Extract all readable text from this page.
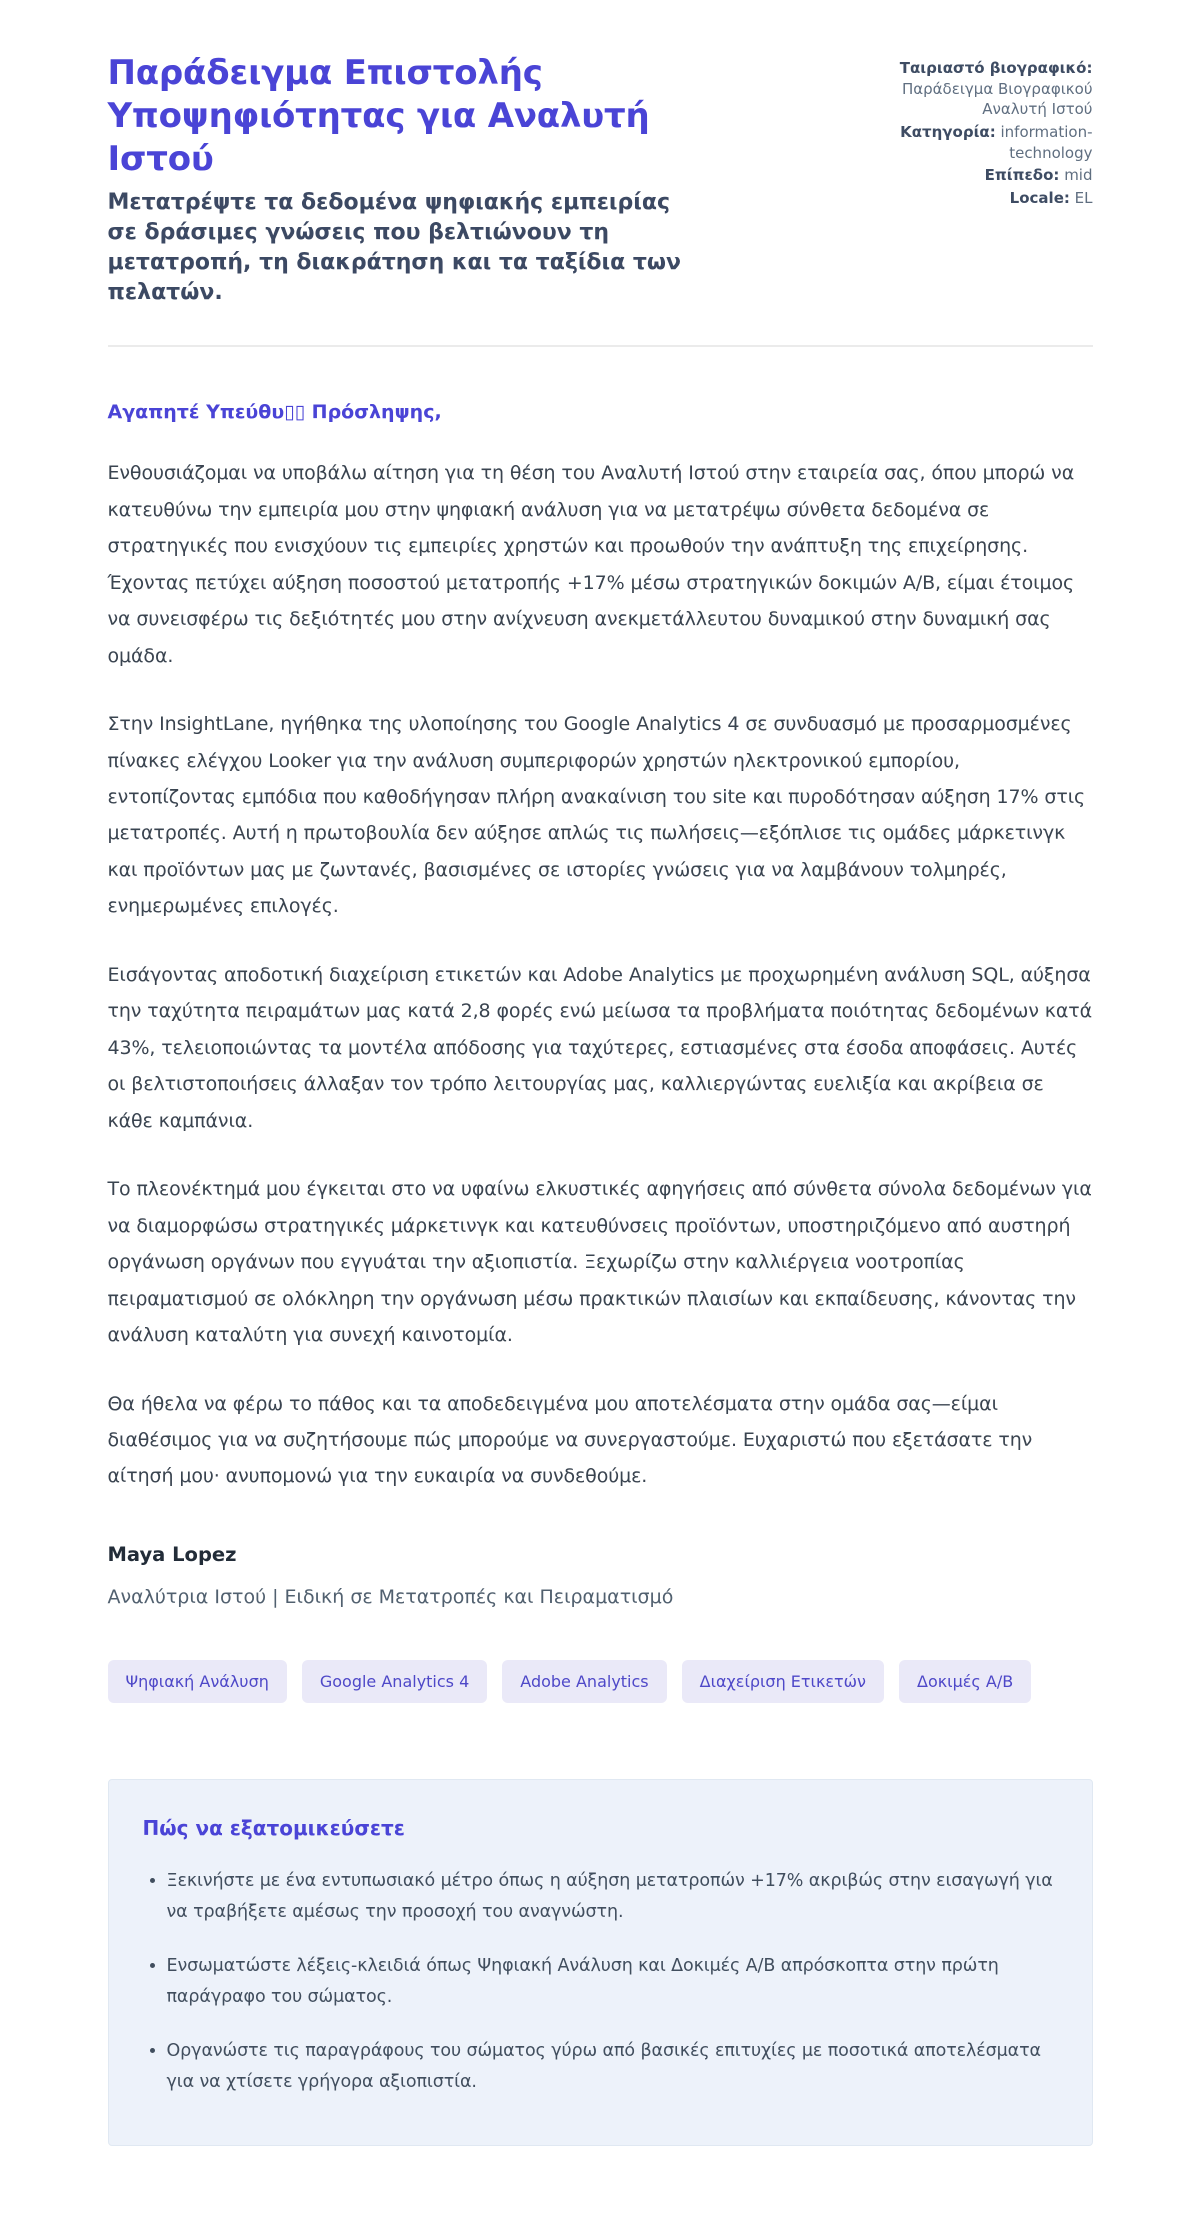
Παράδειγμα Επιστολής Υποψηφιότητας για Αναλυτή Ιστού

Μετατρέψτε τα δεδομένα ψηφιακής εμπειρίας σε δράσιμες γνώσεις που βελτιώνουν τη μετατροπή, τη διακράτηση και τα ταξίδια των πελατών.

Ταιριαστό βιογραφικό: Παράδειγμα Βιογραφικού Αναλυτή Ιστού
Κατηγορία: information-technology
Επίπεδο: mid
Locale: EL

Αγαπητέ Υπεύθυ▯▯ Πρόσληψης,

Ενθουσιάζομαι να υποβάλω αίτηση για τη θέση του Αναλυτή Ιστού στην εταιρεία σας, όπου μπορώ να κατευθύνω την εμπειρία μου στην ψηφιακή ανάλυση για να μετατρέψω σύνθετα δεδομένα σε στρατηγικές που ενισχύουν τις εμπειρίες χρηστών και προωθούν την ανάπτυξη της επιχείρησης. Έχοντας πετύχει αύξηση ποσοστού μετατροπής +17% μέσω στρατηγικών δοκιμών A/B, είμαι έτοιμος να συνεισφέρω τις δεξιότητές μου στην ανίχνευση ανεκμετάλλευτου δυναμικού στην δυναμική σας ομάδα.

Στην InsightLane, ηγήθηκα της υλοποίησης του Google Analytics 4 σε συνδυασμό με προσαρμοσμένες πίνακες ελέγχου Looker για την ανάλυση συμπεριφορών χρηστών ηλεκτρονικού εμπορίου, εντοπίζοντας εμπόδια που καθοδήγησαν πλήρη ανακαίνιση του site και πυροδότησαν αύξηση 17% στις μετατροπές. Αυτή η πρωτοβουλία δεν αύξησε απλώς τις πωλήσεις—εξόπλισε τις ομάδες μάρκετινγκ και προϊόντων μας με ζωντανές, βασισμένες σε ιστορίες γνώσεις για να λαμβάνουν τολμηρές, ενημερωμένες επιλογές.

Εισάγοντας αποδοτική διαχείριση ετικετών και Adobe Analytics με προχωρημένη ανάλυση SQL, αύξησα την ταχύτητα πειραμάτων μας κατά 2,8 φορές ενώ μείωσα τα προβλήματα ποιότητας δεδομένων κατά 43%, τελειοποιώντας τα μοντέλα απόδοσης για ταχύτερες, εστιασμένες στα έσοδα αποφάσεις. Αυτές οι βελτιστοποιήσεις άλλαξαν τον τρόπο λειτουργίας μας, καλλιεργώντας ευελιξία και ακρίβεια σε κάθε καμπάνια.

Το πλεονέκτημά μου έγκειται στο να υφαίνω ελκυστικές αφηγήσεις από σύνθετα σύνολα δεδομένων για να διαμορφώσω στρατηγικές μάρκετινγκ και κατευθύνσεις προϊόντων, υποστηριζόμενο από αυστηρή οργάνωση οργάνων που εγγυάται την αξιοπιστία. Ξεχωρίζω στην καλλιέργεια νοοτροπίας πειραματισμού σε ολόκληρη την οργάνωση μέσω πρακτικών πλαισίων και εκπαίδευσης, κάνοντας την ανάλυση καταλύτη για συνεχή καινοτομία.

Θα ήθελα να φέρω το πάθος και τα αποδεδειγμένα μου αποτελέσματα στην ομάδα σας—είμαι διαθέσιμος για να συζητήσουμε πώς μπορούμε να συνεργαστούμε. Ευχαριστώ που εξετάσατε την αίτησή μου· ανυπομονώ για την ευκαιρία να συνδεθούμε.

Maya Lopez

Αναλύτρια Ιστού | Ειδική σε Μετατροπές και Πειραματισμό

Ψηφιακή Ανάλυση	Google Analytics 4	Adobe Analytics	Διαχείριση Ετικετών	Δοκιμές A/B
Πώς να εξατομικεύσετε
• Ξεκινήστε με ένα εντυπωσιακό μέτρο όπως η αύξηση μετατροπών +17% ακριβώς στην εισαγωγή για να τραβήξετε αμέσως την προσοχή του αναγνώστη.
• Ενσωματώστε λέξεις-κλειδιά όπως Ψηφιακή Ανάλυση και Δοκιμές A/B απρόσκοπτα στην πρώτη παράγραφο του σώματος.
• Οργανώστε τις παραγράφους του σώματος γύρω από βασικές επιτυχίες με ποσοτικά αποτελέσματα για να χτίσετε γρήγορα αξιοπιστία.
